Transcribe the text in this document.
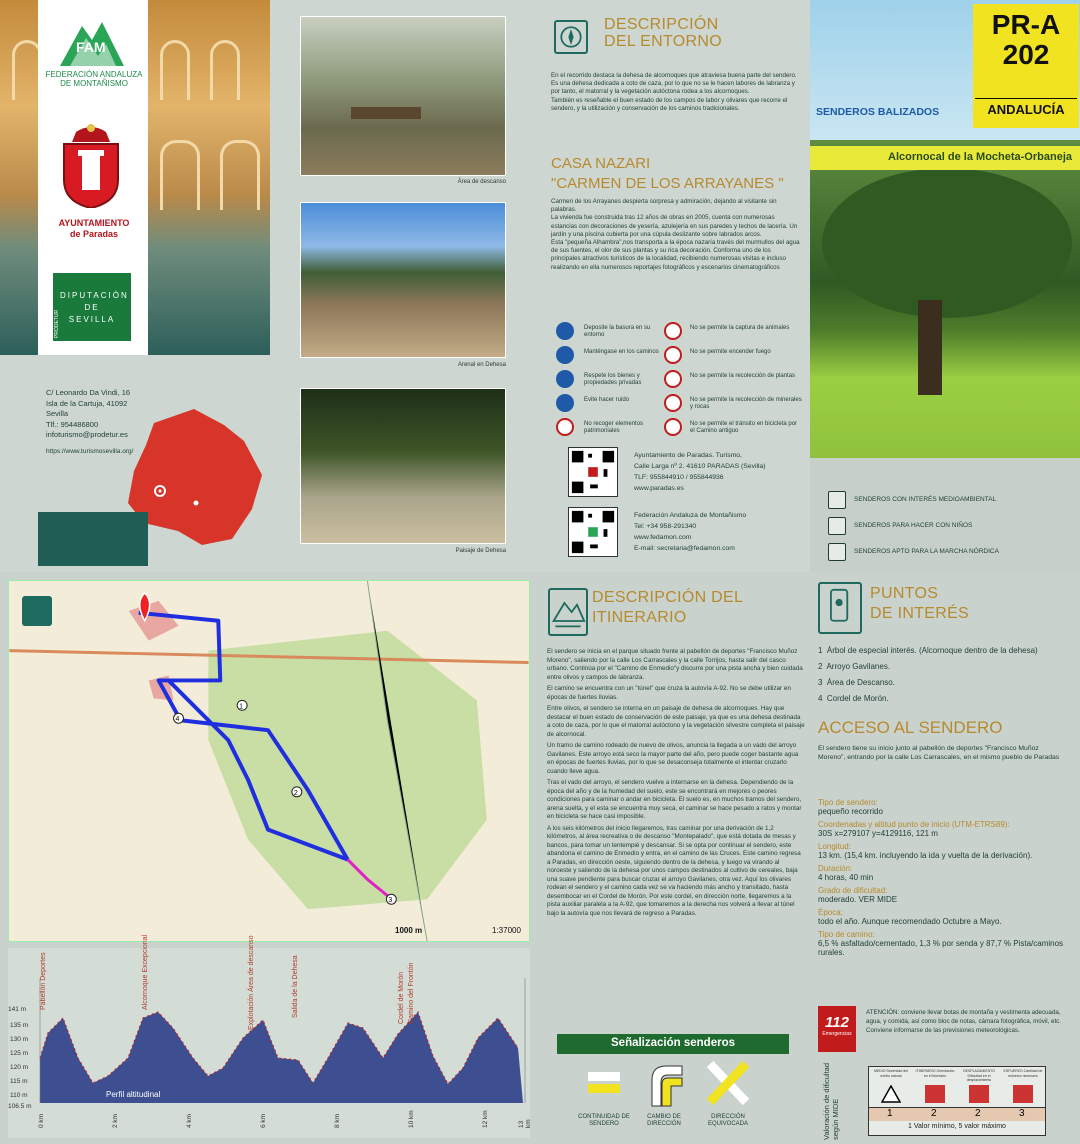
FAM
FEDERACIÓN ANDALUZA DE MONTAÑISMO
AYUNTAMIENTO
de Paradas
PRODETUR
DIPUTACIÓN DE SEVILLA
C/ Leonardo Da Vindi, 16
Isla de la Cartuja, 41092
Sevilla
Tlf.: 954486800
infoturismo@prodetur.es
https://www.turismosevilla.org/
Área de descanso
Arenal en Dehesa
Paisaje de Dehesa
DESCRIPCIÓN
DEL ENTORNO

En el recorrido destaca la dehesa de alcornoques que atraviesa buena parte del sendero. Es una dehesa dedicada a coto de caza, por lo que no se le hacen labores de labranza y por tanto, el matorral y la vegetación autóctona rodea a los alcornoques.

También es reseñable el buen estado de los campos de labor y olivares que recorre el sendero, y la utilización y conservación de los caminos tradicionales.

CASA NAZARI
"CARMEN DE LOS ARRAYANES "

Carmen de los Arrayanes despierta sorpresa y admiración, dejando al visitante sin palabras.

La vivienda fue construida tras 12 años de obras en 2005, cuenta con numerosas estancias con decoraciones de yesería, azulejería en sus paredes y techos de lacería. Un jardín y una piscina cubierta por una cúpula deslizante sobre labrados arcos.

Esta "pequeña Alhambra",nos transporta a la época nazaría través del murmullos del agua de sus fuentes, el olor de sus plantas y su rica decoración. Conforma uno de los principales atractivos turísticos de la localidad, recibiendo numerosas visitas e incluso realizando en ella numerosos reportajes fotográficos y escenarios cinematográficos

Deposite la basura en su entorno
Manténgase en los caminos
Respete los bienes y propiedades privadas
Evite hacer ruido
No recoger elementos patrimoniales
No se permite la captura de animales
No se permite encender fuego
No se permite la recolección de plantas
No se permite la recolección de minerales y rocas
No se permite el tránsito en bicicleta por el Camino antiguo
Ayuntamiento de Paradas. Turismo,
Calle Larga nº 2. 41610 PARADAS (Sevilla)
TLF: 955844910 / 955844936
www.paradas.es
Federación Andaluza de Montañismo
Tel: +34 958-291340
www.fedamon.com
E-mail: secretaria@fedamon.com
PR-A
202
ANDALUCÍA
SENDEROS BALIZADOS
Alcornocal de la Mocheta-Orbaneja
SENDEROS CON INTERÉS MEDIOAMBIENTAL
SENDEROS PARA HACER CON NIÑOS
SENDEROS APTO PARA LA MARCHA NÓRDICA
1
2
3
4
1000 m	1:37000
141 m
135 m
130 m
125 m
120 m
115 m
110 m
106.5 m
Perfil altitudinal
0 km	2 km	4 km	6 km	8 km	10 km	12 km	13 km
Pabellón Deportes	Alcornoque Excepcional	Explotación Área de descanso	Salida de la Dehesa	Cordel de Morón Camino del Frontón
DESCRIPCIÓN DEL
ITINERARIO

El sendero se inicia en el parque situado frente al pabellón de deportes "Francisco Muñoz Moreno", saliendo por la calle Los Carrascales y la calle Torrijos, hasta salir del casco urbano. Continúa por el "Camino de Enmedio"y discurre por una pista ancha y bien cuidada entre olivos y campos de labranza.

El camino se encuentra con un "túnel" que cruza la autovía A-92. No se debe utilizar en épocas de fuertes lluvias.

Entre olivos, el sendero se interna en un paisaje de dehesa de alcornoques. Hay que destacar el buen estado de conservación de este paisaje, ya que es una dehesa destinada a coto de caza, por lo que el matorral autóctono y la vegetación silvestre completa el paisaje de alcornocal.

Un tramo de camino rodeado de nuevo de olivos, anuncia la llegada a un vado del arroyo Gavilanes. Este arroyo está seco la mayor parte del año, pero puede coger bastante agua en épocas de fuertes lluvias, por lo que se desaconseja totalmente el intentar cruzarlo cuando lleve agua.

Tras el vado del arroyo, el sendero vuelve a internarse en la dehesa. Dependiendo de la época del año y de la humedad del suelo, este se encontrará en mejores o peores condiciones para caminar o andar en bicicleta. El suelo es, en muchos tramos del sendero, arena suelta, y el esta se encuentra muy seca, el caminar se hace pesado a ratos y montar en bicicleta se hace casi imposible.

A los seis kilómetros del inicio llegaremos, tras caminar por una derivación de 1,2 kilómetros, al área recreativa o de descanso "Montepalado", que está dotada de mesas y bancos, para tomar un tentempié y descansar. Si se opta por continuar el sendero, este abandona el camino de Enmedio y entra, en el camino de las Cruces. Este camino regresa a Paradas, en dirección oeste, siguiendo dentro de la dehesa, y luego va virando al noroeste y saliendo de la dehesa por unos campos destinados al cultivo de cereales, baja una suave pendiente para buscar cruzar el arroyo Gavilanes, otra vez. Aquí los olivares rodean el sendero y el camino cada vez se va haciendo más ancho y transitado, hasta desembocar en el Cordel de Morón. Por este cordel, en dirección norte, llegaremos a la pista auxiliar paralela a la A-92, que tomaremos a la derecha nos volverá a llevar al túnel bajo la autovía que nos llevará de regreso a Paradas.

Señalización senderos
CONTINUIDAD DE SENDERO
CAMBIO DE DIRECCIÓN
DIRECCIÓN EQUIVOCADA
PUNTOS
DE INTERÉS
1 Árbol de especial interés. (Alcornoque dentro de la dehesa)
2 Arroyo Gavilanes.
3 Área de Descanso.
4 Cordel de Morón.
ACCESO AL SENDERO
El sendero tiene su inicio junto al pabellón de deportes "Francisco Muñoz Moreno", entrando por la calle Los Carrascales, en el mismo pueblo de Paradas
Tipo de sendero:
pequeño recorrido
Coordenadas y altitud punto de inicio (UTM-ETRS89):
30S x=279107 y=4129116, 121 m
Longitud:
13 km. (15,4 km. incluyendo la ida y vuelta de la derivación).
Duración:
4 horas, 40 min
Grado de dificultad:
moderado. VER MIDE
Época:
todo el año. Aunque recomendado Octubre a Mayo.
Tipo de camino:
6,5 % asfaltado/cementado, 1,3 % por senda y 87,7 % Pista/caminos rurales.
112
Emergencias
ATENCIÓN: conviene llevar botas de montaña y vestimenta adecuada, agua, y comida, así como bloc de notas, cámara fotográfica, móvil, etc. Conviene informarse de las previsiones meteorológicas.
Valoración de dificultad según MIDE
MEDIO Severidad del medio natural
ITINERARIO Orientación en el itinerario
DESPLAZAMIENTO Dificultad en el desplazamiento
ESFUERZO Cantidad de esfuerzo necesario
1	2	2	3
1 Valor mínimo, 5 valor máximo
